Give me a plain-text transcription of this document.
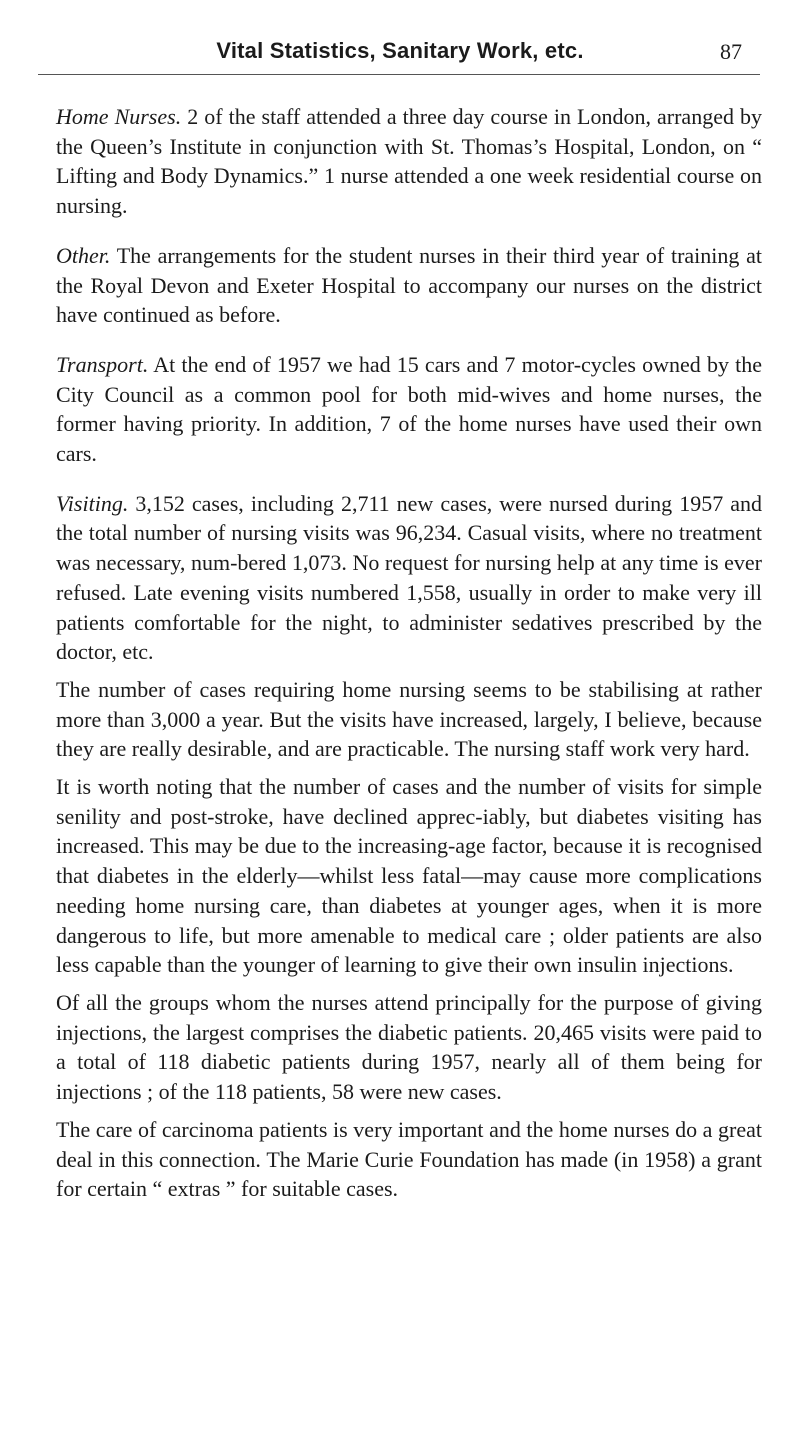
Vital Statistics, Sanitary Work, etc.	87

Home Nurses. 2 of the staff attended a three day course in London, arranged by the Queen’s Institute in conjunction with St. Thomas’s Hospital, London, on “ Lifting and Body Dynamics.” 1 nurse attended a one week residential course on nursing.

Other. The arrangements for the student nurses in their third year of training at the Royal Devon and Exeter Hospital to accompany our nurses on the district have continued as before.

Transport. At the end of 1957 we had 15 cars and 7 motor-cycles owned by the City Council as a common pool for both mid-wives and home nurses, the former having priority. In addition, 7 of the home nurses have used their own cars.

Visiting. 3,152 cases, including 2,711 new cases, were nursed during 1957 and the total number of nursing visits was 96,234. Casual visits, where no treatment was necessary, num-bered 1,073. No request for nursing help at any time is ever refused. Late evening visits numbered 1,558, usually in order to make very ill patients comfortable for the night, to administer sedatives prescribed by the doctor, etc.

The number of cases requiring home nursing seems to be stabilising at rather more than 3,000 a year. But the visits have increased, largely, I believe, because they are really desirable, and are practicable. The nursing staff work very hard.

It is worth noting that the number of cases and the number of visits for simple senility and post-stroke, have declined apprec-iably, but diabetes visiting has increased. This may be due to the increasing-age factor, because it is recognised that diabetes in the elderly—whilst less fatal—may cause more complications needing home nursing care, than diabetes at younger ages, when it is more dangerous to life, but more amenable to medical care ; older patients are also less capable than the younger of learning to give their own insulin injections.

Of all the groups whom the nurses attend principally for the purpose of giving injections, the largest comprises the diabetic patients. 20,465 visits were paid to a total of 118 diabetic patients during 1957, nearly all of them being for injections ; of the 118 patients, 58 were new cases.

The care of carcinoma patients is very important and the home nurses do a great deal in this connection. The Marie Curie Foundation has made (in 1958) a grant for certain “ extras ” for suitable cases.
